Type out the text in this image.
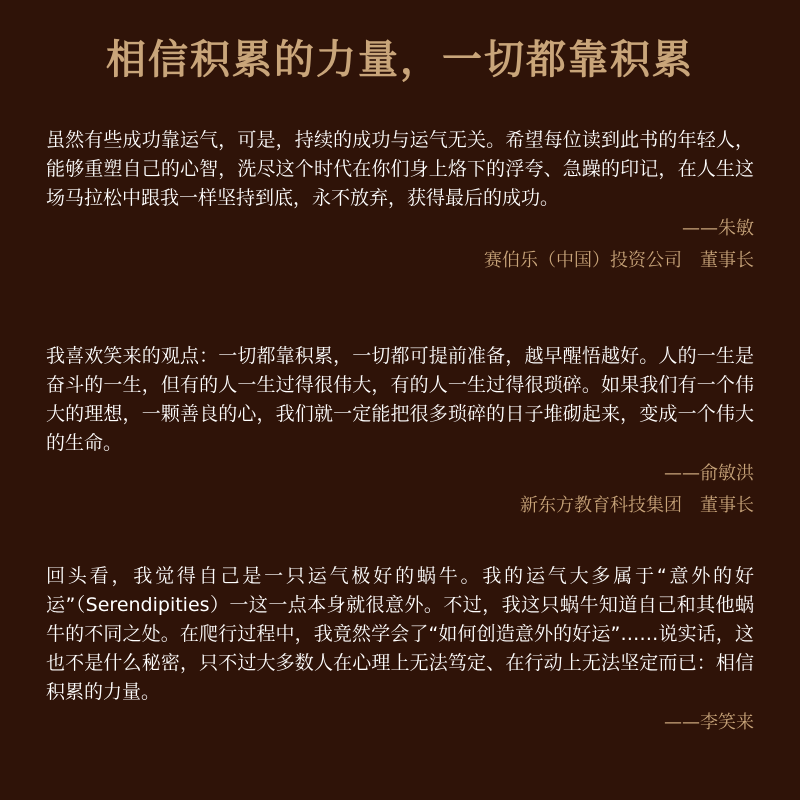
相信积累的力量，一切都靠积累

虽然有些成功靠运气，可是，持续的成功与运气无关。希望每位读到此书的年轻人，能够重塑自己的心智，洗尽这个时代在你们身上烙下的浮夸、急躁的印记，在人生这场马拉松中跟我一样坚持到底，永不放弃，获得最后的成功。

——朱敏

赛伯乐（中国）投资公司　董事长

我喜欢笑来的观点：一切都靠积累，一切都可提前准备，越早醒悟越好。人的一生是奋斗的一生，但有的人一生过得很伟大，有的人一生过得很琐碎。如果我们有一个伟大的理想，一颗善良的心，我们就一定能把很多琐碎的日子堆砌起来，变成一个伟大的生命。

——俞敏洪

新东方教育科技集团　董事长

回头看，我觉得自己是一只运气极好的蜗牛。我的运气大多属于“意外的好运”（Serendipities）一这一点本身就很意外。不过，我这只蜗牛知道自己和其他蜗牛的不同之处。在爬行过程中，我竟然学会了“如何创造意外的好运”……说实话，这也不是什么秘密，只不过大多数人在心理上无法笃定、在行动上无法坚定而已：相信积累的力量。

——李笑来
